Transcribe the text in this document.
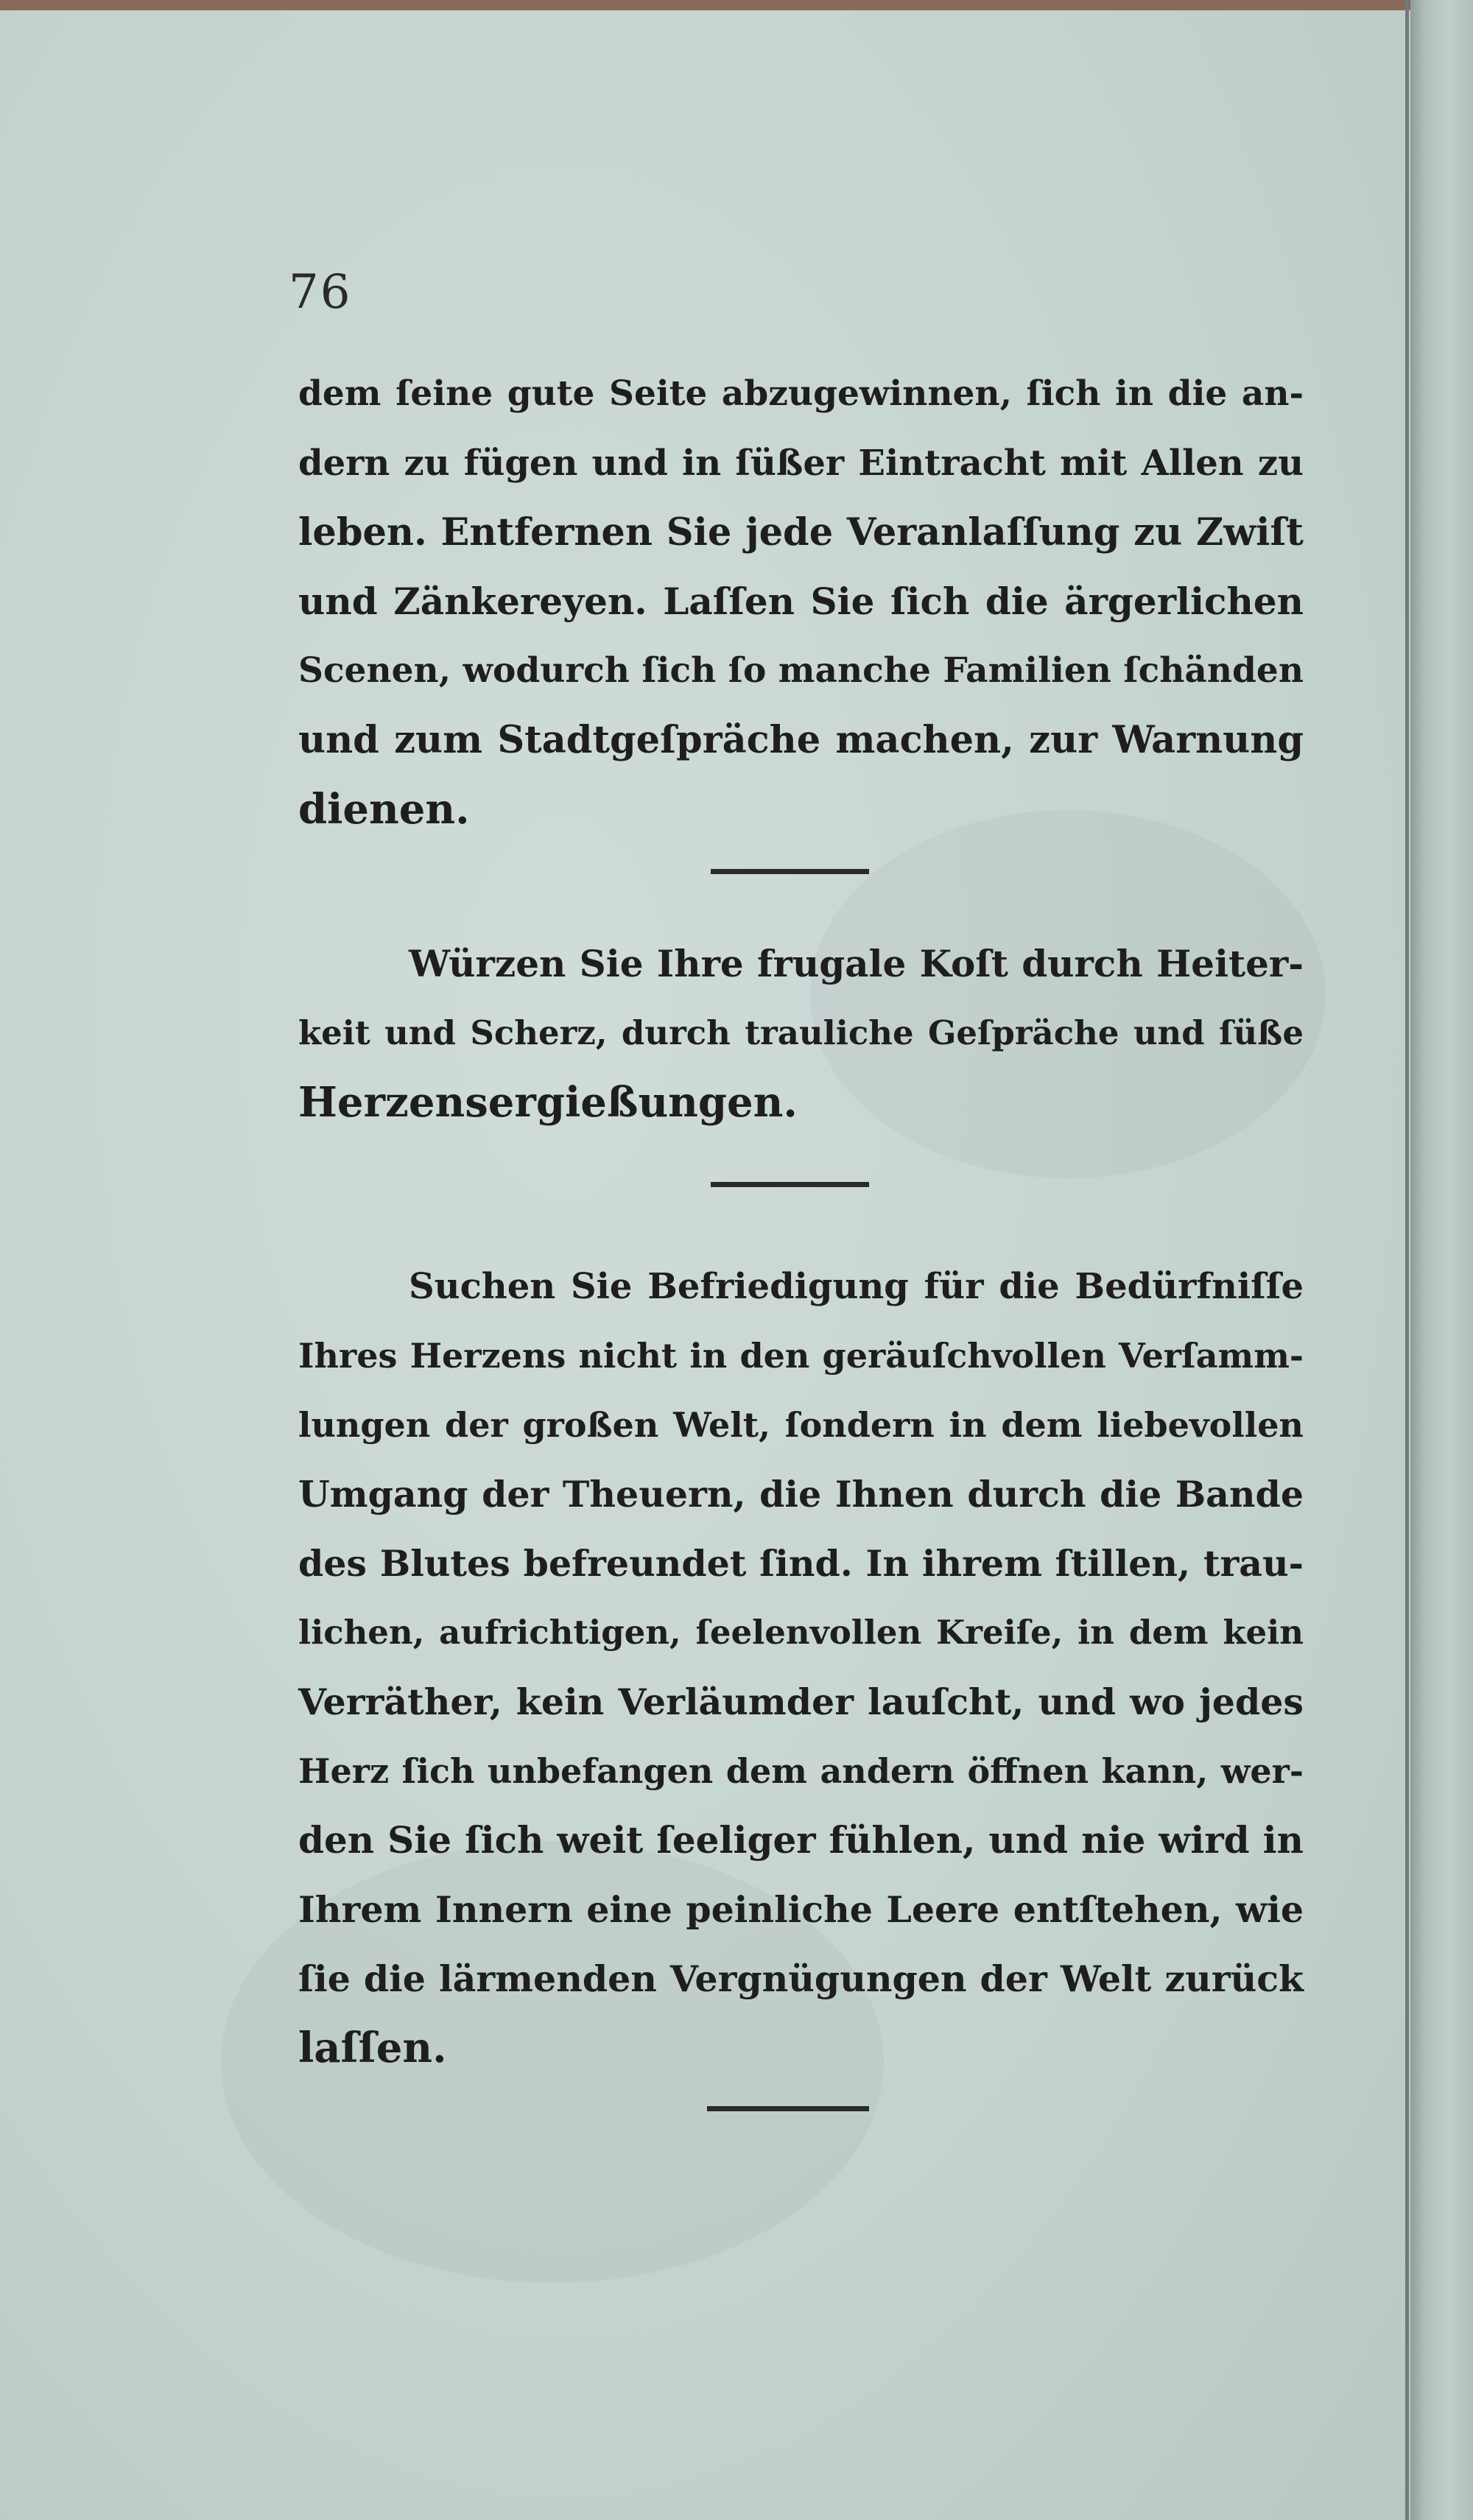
76
dem ſeine gute Seite abzugewinnen, ſich in die an-
dern zu fügen und in ſüßer Eintracht mit Allen zu
leben. Entfernen Sie jede Veranlaſſung zu Zwiſt
und Zänkereyen. Laſſen Sie ſich die ärgerlichen
Scenen, wodurch ſich ſo manche Familien ſchänden
und zum Stadtgeſpräche machen, zur Warnung
dienen.
Würzen Sie Ihre frugale Koſt durch Heiter-
keit und Scherz, durch trauliche Geſpräche und ſüße
Herzensergießungen.
Suchen Sie Befriedigung für die Bedürfniſſe
Ihres Herzens nicht in den geräuſchvollen Verſamm-
lungen der großen Welt, ſondern in dem liebevollen
Umgang der Theuern, die Ihnen durch die Bande
des Blutes befreundet ſind. In ihrem ſtillen, trau-
lichen, aufrichtigen, ſeelenvollen Kreiſe, in dem kein
Verräther, kein Verläumder lauſcht, und wo jedes
Herz ſich unbefangen dem andern öffnen kann, wer-
den Sie ſich weit ſeeliger fühlen, und nie wird in
Ihrem Innern eine peinliche Leere entſtehen, wie
ſie die lärmenden Vergnügungen der Welt zurück
laſſen.
